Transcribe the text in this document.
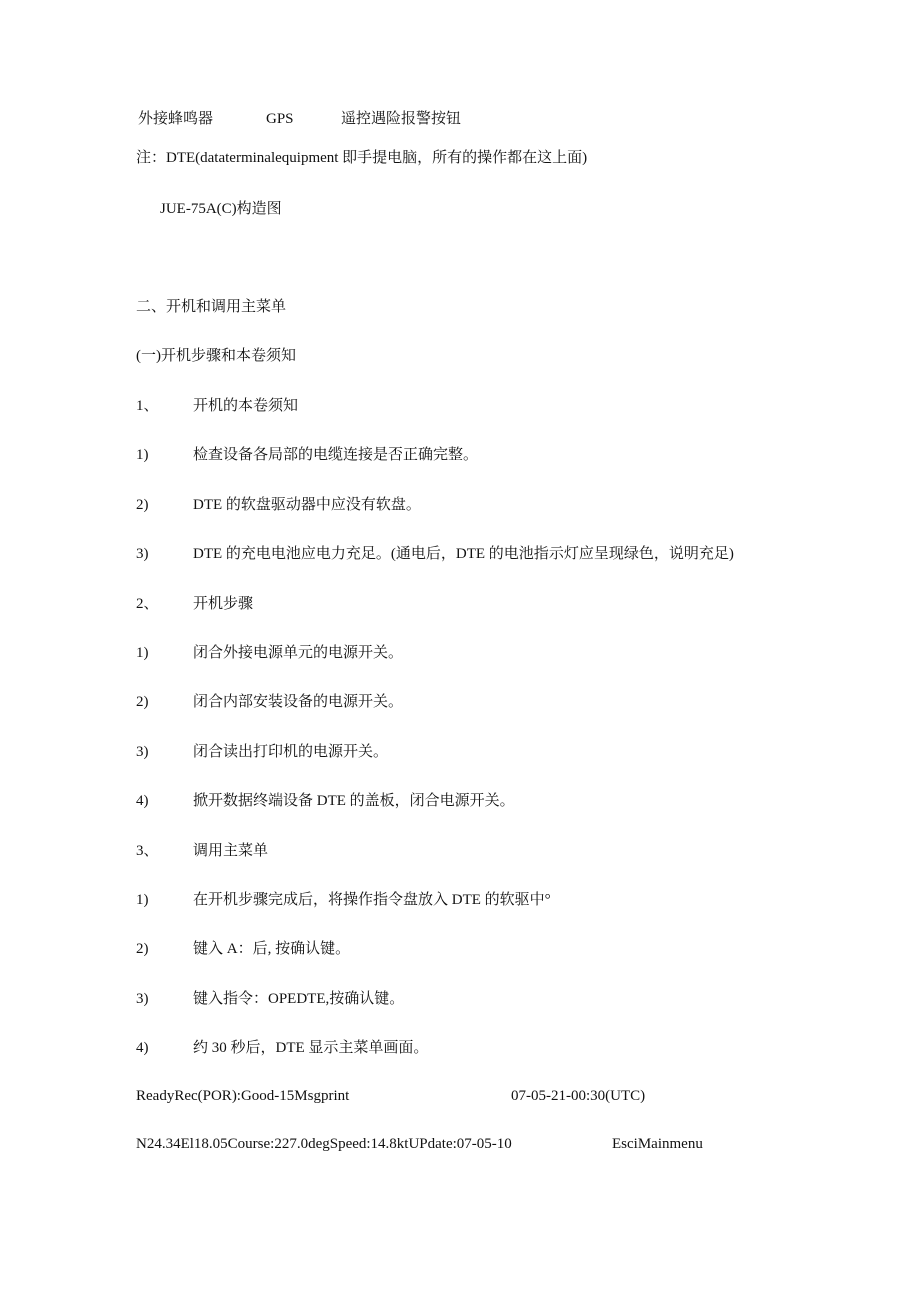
外接蜂鸣器	GPS	遥控遇险报警按钮
注：DTE(dataterminalequipment 即手提电脑，所有的操作都在这上面)
JUE-75A(C)构造图
二、开机和调用主菜单
(一)开机步骤和本卷须知
1、 开机的本卷须知
1)	检查设备各局部的电缆连接是否正确完整。
2)	DTE 的软盘驱动器中应没有软盘。
3)	DTE 的充电电池应电力充足。(通电后，DTE 的电池指示灯应呈现绿色，说明充足)
2、 开机步骤
1)	闭合外接电源单元的电源开关。
2)	闭合内部安装设备的电源开关。
3)	闭合读出打印机的电源开关。
4)	掀开数据终端设备 DTE 的盖板，闭合电源开关。
3、 调用主菜单
1)	在开机步骤完成后，将操作指令盘放入 DTE 的软驱中°
2)	键入 A：后, 按确认键。
3)	键入指令：OPEDTE,按确认键。
4)	约 30 秒后，DTE 显示主菜单画面。
ReadyRec(POR):Good-15Msgprint	07-05-21-00:30(UTC)
N24.34El18.05Course:227.0degSpeed:14.8ktUPdate:07-05-10	EsciMainmenu
